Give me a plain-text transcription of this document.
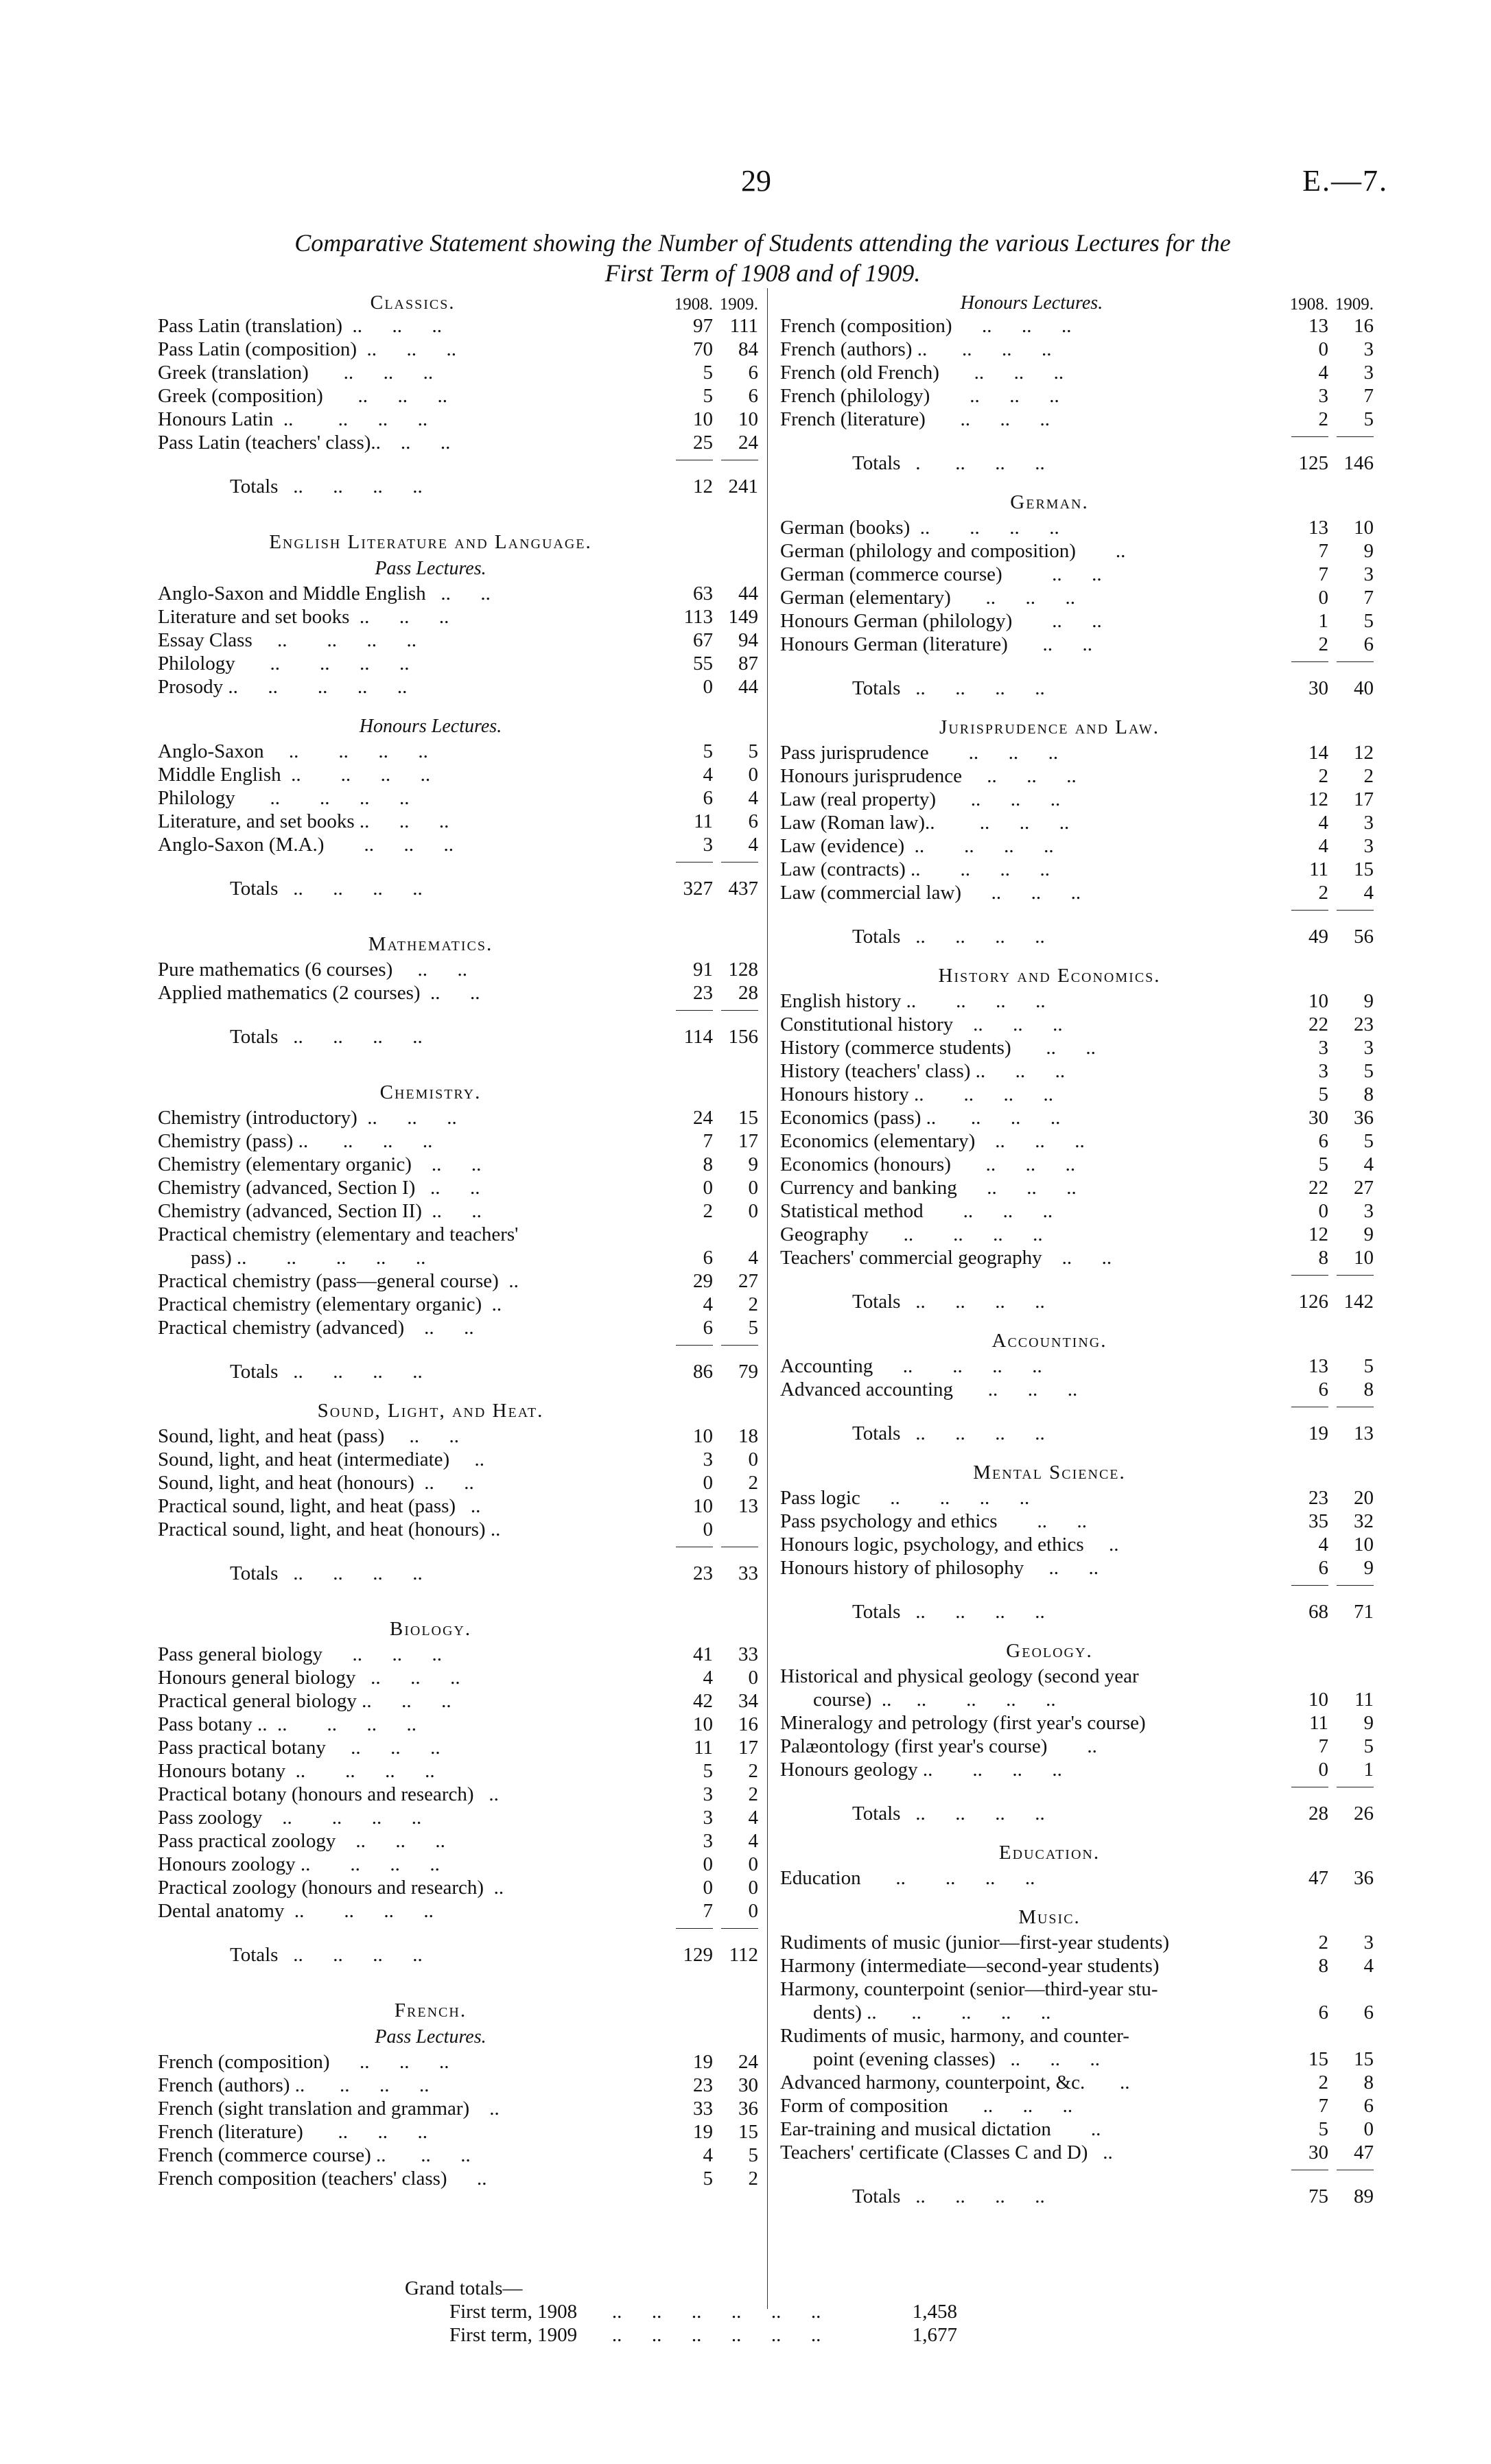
29	E.—7.
Comparative Statement showing the Number of Students attending the various Lectures for the
First Term of 1908 and of 1909.
Classics.	1908. 1909.
Pass Latin (translation)  ..      ..      ..	97 111
Pass Latin (composition)  ..      ..      ..	70	84
Greek (translation)       ..      ..      ..	5	6
Greek (composition)       ..      ..      ..	5	6
Honours Latin  ..         ..      ..      ..	10	10
Pass Latin (teachers' class)..    ..      ..	25	24
Totals   ..      ..      ..      ..	12 241
English Literature and Language.
Pass Lectures.
Anglo-Saxon and Middle English   ..      ..	63	44
Literature and set books  ..      ..      ..	113 149
Essay Class     ..        ..      ..      ..	67	94
Philology       ..        ..      ..      ..	55	87
Prosody ..      ..        ..      ..      ..	0	44
Honours Lectures.
Anglo-Saxon     ..        ..      ..      ..	5	5
Middle English  ..        ..      ..      ..	4	0
Philology       ..        ..      ..      ..	6	4
Literature, and set books ..      ..      ..	11	6
Anglo-Saxon (M.A.)        ..      ..      ..	3	4
Totals   ..      ..      ..      ..	327 437
Mathematics.
Pure mathematics (6 courses)     ..      ..	91 128
Applied mathematics (2 courses)  ..      ..	23	28
Totals   ..      ..      ..      ..	114 156
Chemistry.
Chemistry (introductory)  ..      ..      ..	24	15
Chemistry (pass) ..       ..      ..      ..	7	17
Chemistry (elementary organic)    ..      ..	8	9
Chemistry (advanced, Section I)   ..      ..	0	0
Chemistry (advanced, Section II)  ..      ..	2	0
Practical chemistry (elementary and teachers'
pass) ..        ..        ..      ..      ..	6	4
Practical chemistry (pass—general course)  ..	29	27
Practical chemistry (elementary organic)  ..	4	2
Practical chemistry (advanced)    ..      ..	6	5
Totals   ..      ..      ..      ..	86	79
Sound, Light, and Heat.
Sound, light, and heat (pass)     ..      ..	10	18
Sound, light, and heat (intermediate)     ..	3	0
Sound, light, and heat (honours)  ..      ..	0	2
Practical sound, light, and heat (pass)   ..	10	13
Practical sound, light, and heat (honours) ..	0
Totals   ..      ..      ..      ..	23	33
Biology.
Pass general biology      ..      ..      ..	41	33
Honours general biology   ..      ..      ..	4	0
Practical general biology ..      ..      ..	42	34
Pass botany ..  ..        ..      ..      ..	10	16
Pass practical botany     ..      ..      ..	11	17
Honours botany  ..        ..      ..      ..	5	2
Practical botany (honours and research)   ..	3	2
Pass zoology    ..        ..      ..      ..	3	4
Pass practical zoology    ..      ..      ..	3	4
Honours zoology ..        ..      ..      ..	0	0
Practical zoology (honours and research)  ..	0	0
Dental anatomy  ..        ..      ..      ..	7	0
Totals   ..      ..      ..      ..	129 112
French.
Pass Lectures.
French (composition)      ..      ..      ..	19	24
French (authors) ..       ..      ..      ..	23	30
French (sight translation and grammar)    ..	33	36
French (literature)       ..      ..      ..	19	15
French (commerce course) ..       ..      ..	4	5
French composition (teachers' class)      ..	5	2
Honours Lectures.	1908. 1909.
French (composition)      ..      ..      ..	13	16
French (authors) ..       ..      ..      ..	0	3
French (old French)       ..      ..      ..	4	3
French (philology)        ..      ..      ..	3	7
French (literature)       ..      ..      ..	2	5
Totals   .       ..      ..      ..	125 146
German.
German (books)  ..        ..      ..      ..	13	10
German (philology and composition)        ..	7	9
German (commerce course)          ..      ..	7	3
German (elementary)       ..      ..      ..	0	7
Honours German (philology)        ..      ..	1	5
Honours German (literature)       ..      ..	2	6
Totals   ..      ..      ..      ..	30	40
Jurisprudence and Law.
Pass jurisprudence        ..      ..      ..	14	12
Honours jurisprudence     ..      ..      ..	2	2
Law (real property)       ..      ..      ..	12	17
Law (Roman law)..         ..      ..      ..	4	3
Law (evidence)  ..        ..      ..      ..	4	3
Law (contracts) ..        ..      ..      ..	11	15
Law (commercial law)      ..      ..      ..	2	4
Totals   ..      ..      ..      ..	49	56
History and Economics.
English history ..        ..      ..      ..	10	9
Constitutional history    ..      ..      ..	22	23
History (commerce students)       ..      ..	3	3
History (teachers' class) ..      ..      ..	3	5
Honours history ..        ..      ..      ..	5	8
Economics (pass) ..       ..      ..      ..	30	36
Economics (elementary)    ..      ..      ..	6	5
Economics (honours)       ..      ..      ..	5	4
Currency and banking      ..      ..      ..	22	27
Statistical method        ..      ..      ..	0	3
Geography       ..        ..      ..      ..	12	9
Teachers' commercial geography    ..      ..	8	10
Totals   ..      ..      ..      ..	126 142
Accounting.
Accounting      ..        ..      ..      ..	13	5
Advanced accounting       ..      ..      ..	6	8
Totals   ..      ..      ..      ..	19	13
Mental Science.
Pass logic      ..        ..      ..      ..	23	20
Pass psychology and ethics        ..      ..	35	32
Honours logic, psychology, and ethics     ..	4	10
Honours history of philosophy     ..      ..	6	9
Totals   ..      ..      ..      ..	68	71
Geology.
Historical and physical geology (second year
course)  ..     ..        ..      ..      ..	10	11
Mineralogy and petrology (first year's course)	11	9
Palæontology (first year's course)        ..	7	5
Honours geology ..        ..      ..      ..	0	1
Totals   ..      ..      ..      ..	28	26
Education.
Education       ..        ..      ..      ..	47	36
Music.
Rudiments of music (junior—first-year students)	2	3
Harmony (intermediate—second-year students)	8	4
Harmony, counterpoint (senior—third-year stu-
dents) ..       ..        ..      ..      ..	6	6
Rudiments of music, harmony, and counter-
point (evening classes)   ..      ..      ..	15	15
Advanced harmony, counterpoint, &c.       ..	2	8
Form of composition       ..      ..      ..	7	6
Ear-training and musical dictation        ..	5	0
Teachers' certificate (Classes C and D)   ..	30	47
Totals   ..      ..      ..      ..	75	89
Grand totals—
First term, 1908       ..      ..      ..      ..      ..      ..	1,458
First term, 1909       ..      ..      ..      ..      ..      ..	1,677
